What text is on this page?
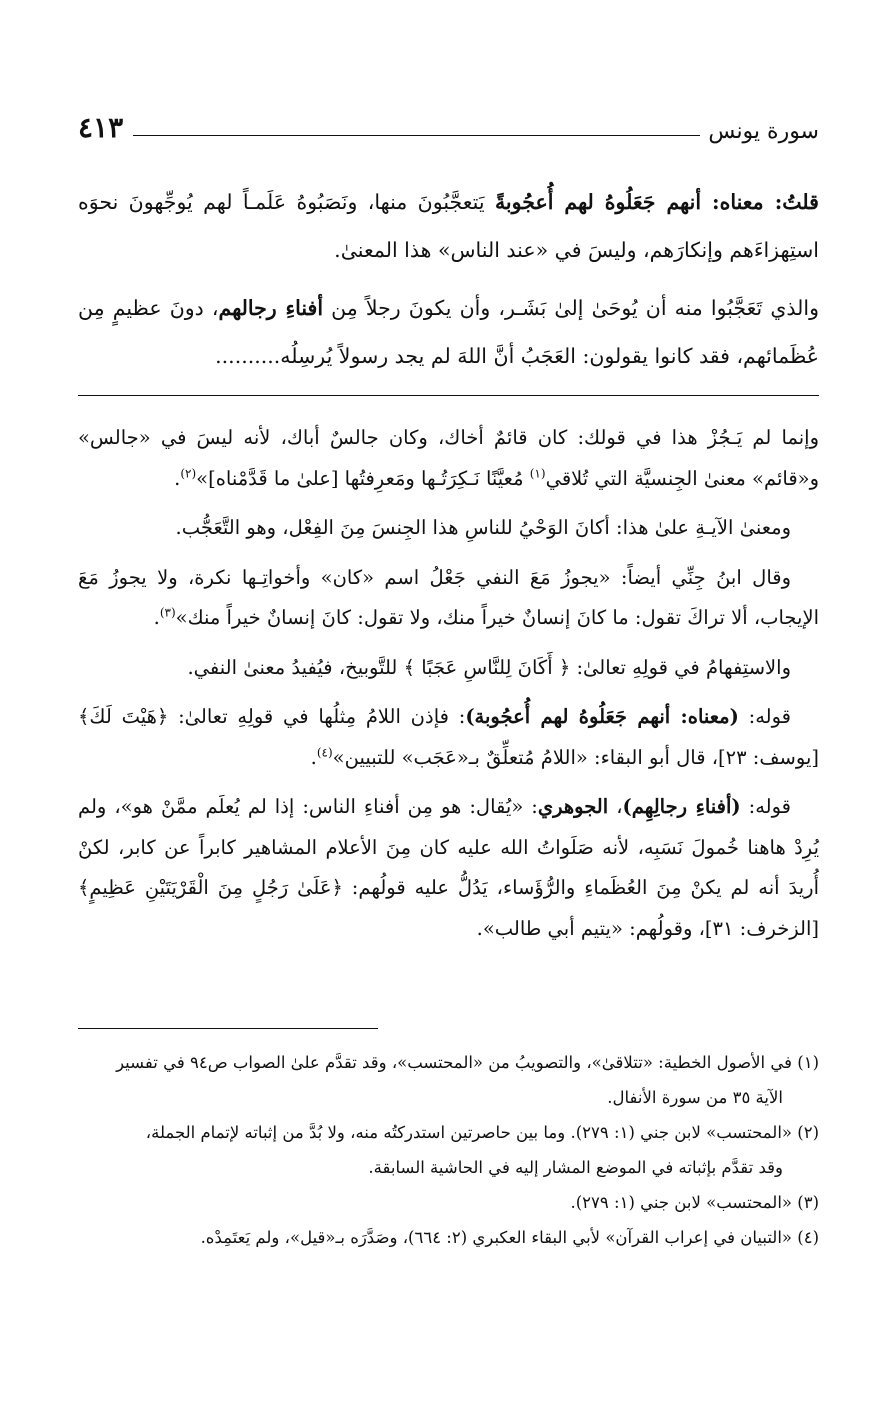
سورة يونس
٤١٣

قلتُ: معناه: أنهم جَعَلُوهُ لهم أُعجُوبةً يَتعجَّبُونَ منها، ونَصَبُوهُ عَلَمـاً لهم يُوجِّهونَ نحوَه استِهزاءَهم وإنكارَهم، وليسَ في «عند الناس» هذا المعنىٰ.

والذي تَعَجَّبُوا منه أن يُوحَىٰ إلىٰ بَشَـر، وأن يكونَ رجلاً مِن أفناءِ رجالهم، دونَ عظيمٍ مِن عُظَمائهم، فقد كانوا يقولون: العَجَبُ أنَّ اللهَ لم يجد رسولاً يُرسِلُه..........

وإنما لم يَـجُزْ هذا في قولك: كان قائمٌ أخاك، وكان جالسٌ أباك، لأنه ليسَ في «جالس» و«قائم» معنىٰ الجِنسيَّة التي تُلاقي$^{(١)}$ مُعيَّنًا نَـكِرَتُـها ومَعرِفتُها [علىٰ ما قَدَّمْناه]»$^{(٢)}$.

ومعنىٰ الآيـةِ علىٰ هذا: أكانَ الوَحْيُ للناسِ هذا الجِنسَ مِنَ الفِعْل، وهو التَّعَجُّب.

وقال ابنُ جِنِّي أيضاً: «يجوزُ مَعَ النفي جَعْلُ اسم «كان» وأخواتِـها نكرة، ولا يجوزُ مَعَ الإيجاب، ألا تراكَ تقول: ما كانَ إنسانٌ خيراً منك، ولا تقول: كانَ إنسانٌ خيراً منك»$^{(٣)}$.

والاستِفهامُ في قولِهِ تعالىٰ: ﴿ أَكَانَ لِلنَّاسِ عَجَبًا ﴾ للتَّوبيخ، فيُفيدُ معنىٰ النفي.

قوله: (معناه: أنهم جَعَلُوهُ لهم أُعجُوبة): فإذن اللامُ مِثلُها في قولِهِ تعالىٰ: ﴿هَيْتَ لَكَ﴾ [يوسف: ٢٣]، قال أبو البقاء: «اللامُ مُتعلِّقٌ بـ«عَجَب» للتبيين»$^{(٤)}$.

قوله: (أفناءِ رجالِهِم)، الجوهري: «يُقال: هو مِن أفناءِ الناس: إذا لم يُعلَم ممَّنْ هو»، ولم يُرِدْ هاهنا خُمولَ نَسَبِه، لأنه صَلَواتُ الله عليه كان مِنَ الأعلام المشاهير كابراً عن كابر، لكنْ أُريدَ أنه لم يكنْ مِنَ العُظَماءِ والرُّؤَساء، يَدُلُّ عليه قولُهم: ﴿عَلَىٰ رَجُلٍ مِنَ الْقَرْيَتَيْنِ عَظِيمٍ﴾ [الزخرف: ٣١]، وقولُهم: «يتيم أبي طالب».

(١) في الأصول الخطية: «تتلاقىٰ»، والتصويبُ من «المحتسب»، وقد تقدَّم علىٰ الصواب ص٩٤ في تفسير

الآية ٣٥ من سورة الأنفال.

(٢) «المحتسب» لابن جني (١: ٢٧٩). وما بين حاصرتين استدركتُه منه، ولا بُدَّ من إثباته لإتمام الجملة،

وقد تقدَّم بإثباته في الموضع المشار إليه في الحاشية السابقة.

(٣) «المحتسب» لابن جني (١: ٢٧٩).

(٤) «التبيان في إعراب القرآن» لأبي البقاء العكبري (٢: ٦٦٤)، وصَدَّرَه بـ«قيل»، ولم يَعتَمِدْه.
